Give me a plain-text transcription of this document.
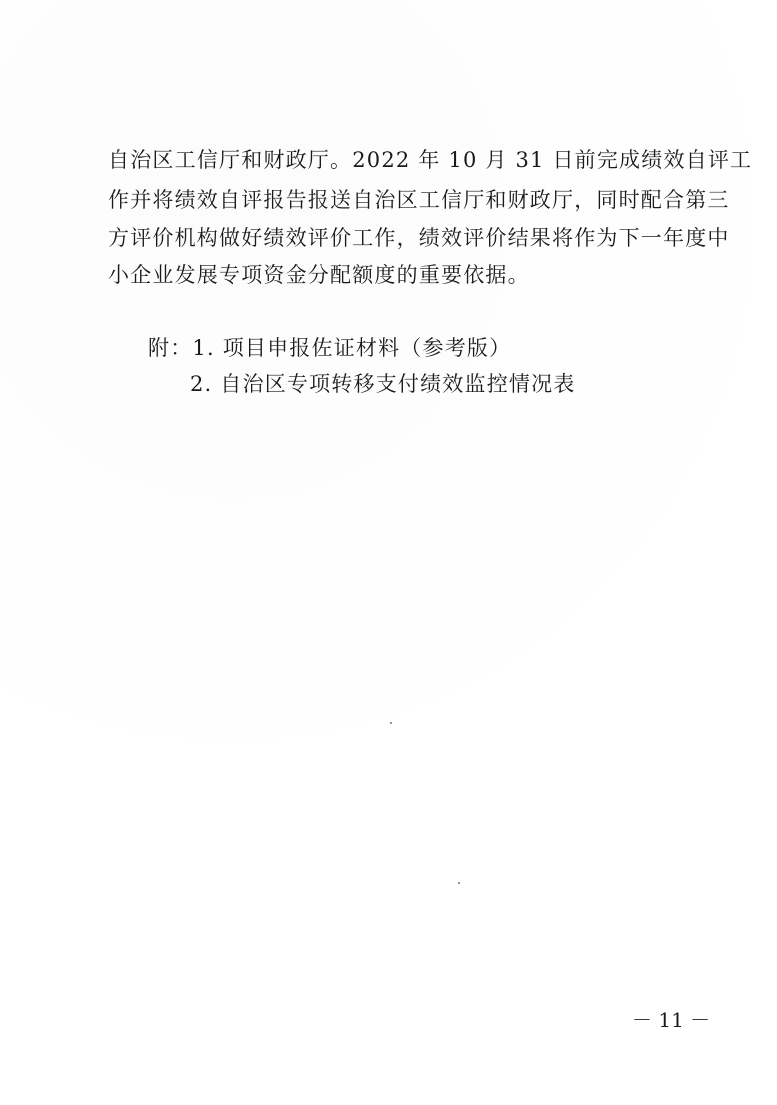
自治区工信厅和财政厅。2022 年 10 月 31 日前完成绩效自评工
作并将绩效自评报告报送自治区工信厅和财政厅，同时配合第三
方评价机构做好绩效评价工作，绩效评价结果将作为下一年度中
小企业发展专项资金分配额度的重要依据。
附：1. 项目申报佐证材料（参考版）
2. 自治区专项转移支付绩效监控情况表
－ 11 －
